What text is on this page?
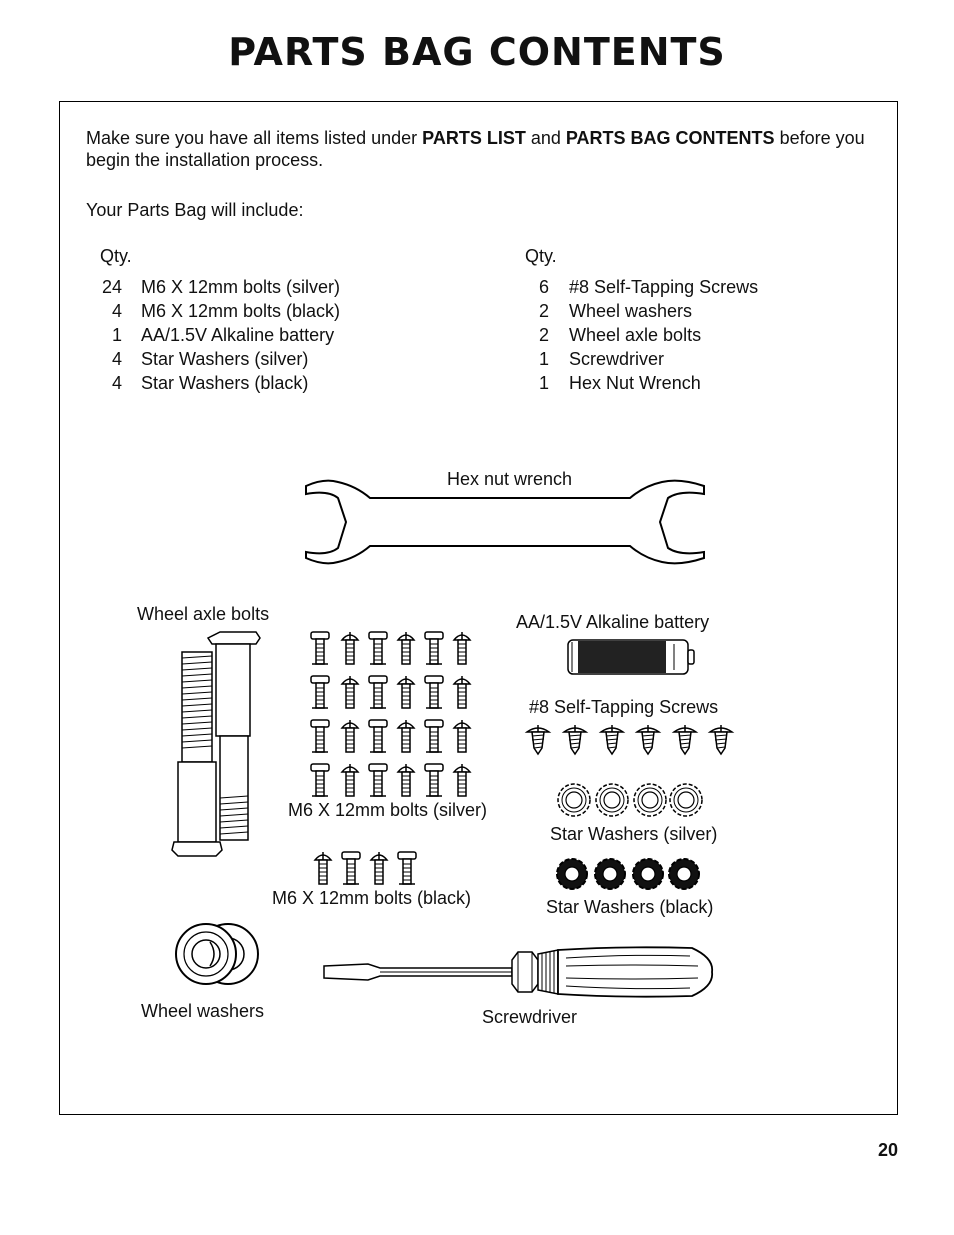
PARTS BAG CONTENTS
Make sure you have all items listed under PARTS LIST and PARTS BAG CONTENTS before you begin the installation process.
Your Parts Bag will include:
Qty.	Qty.
24 M6 X 12mm bolts (silver)
4 M6 X 12mm bolts (black)
1 AA/1.5V Alkaline battery
4 Star Washers (silver)
4 Star Washers (black)
6 #8 Self-Tapping Screws
2 Wheel washers
2 Wheel axle bolts
1 Screwdriver
1 Hex Nut Wrench
Hex nut wrench
Wheel axle bolts
M6 X 12mm bolts (silver)
M6 X 12mm bolts (black)
AA/1.5V Alkaline battery
#8 Self-Tapping Screws
Star Washers (silver)
Star Washers (black)
Wheel washers	Screwdriver
20
